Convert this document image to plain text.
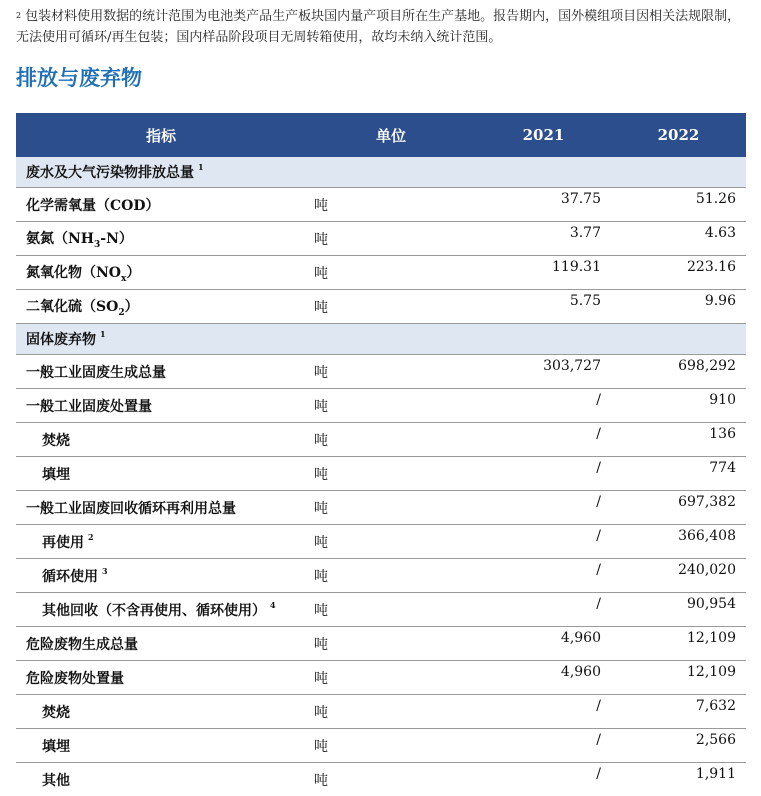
$^2$ 包装材料使用数据的统计范围为电池类产品生产板块国内量产项目所在生产基地。报告期内，国外模组项目因相关法规限制，无法使用可循环/再生包装；国内样品阶段项目无周转箱使用，故均未纳入统计范围。
排放与废弃物
指标	单位	2021	2022
废水及大气污染物排放总量 $^1$
化学需氧量（COD）	吨	37.75	51.26
氨氮$(NH_3-N)$	吨	3.77	4.63
氮氧化物$(NO_x)$	吨	119.31	223.16
二氧化硫$(SO_2)$	吨	5.75	9.96
固体废弃物 $^1$
一般工业固废生成总量	吨	303,727	698,292
一般工业固废处置量	吨	/	910
焚烧	吨	/	136
填埋	吨	/	774
一般工业固废回收循环再利用总量	吨	/	697,382
再使用 $^2$	吨	/	366,408
循环使用 $^3$	吨	/	240,020
其他回收（不含再使用、循环使用） $^4$	吨	/	90,954
危险废物生成总量	吨	4,960	12,109
危险废物处置量	吨	4,960	12,109
焚烧	吨	/	7,632
填埋	吨	/	2,566
其他	吨	/	1,911
